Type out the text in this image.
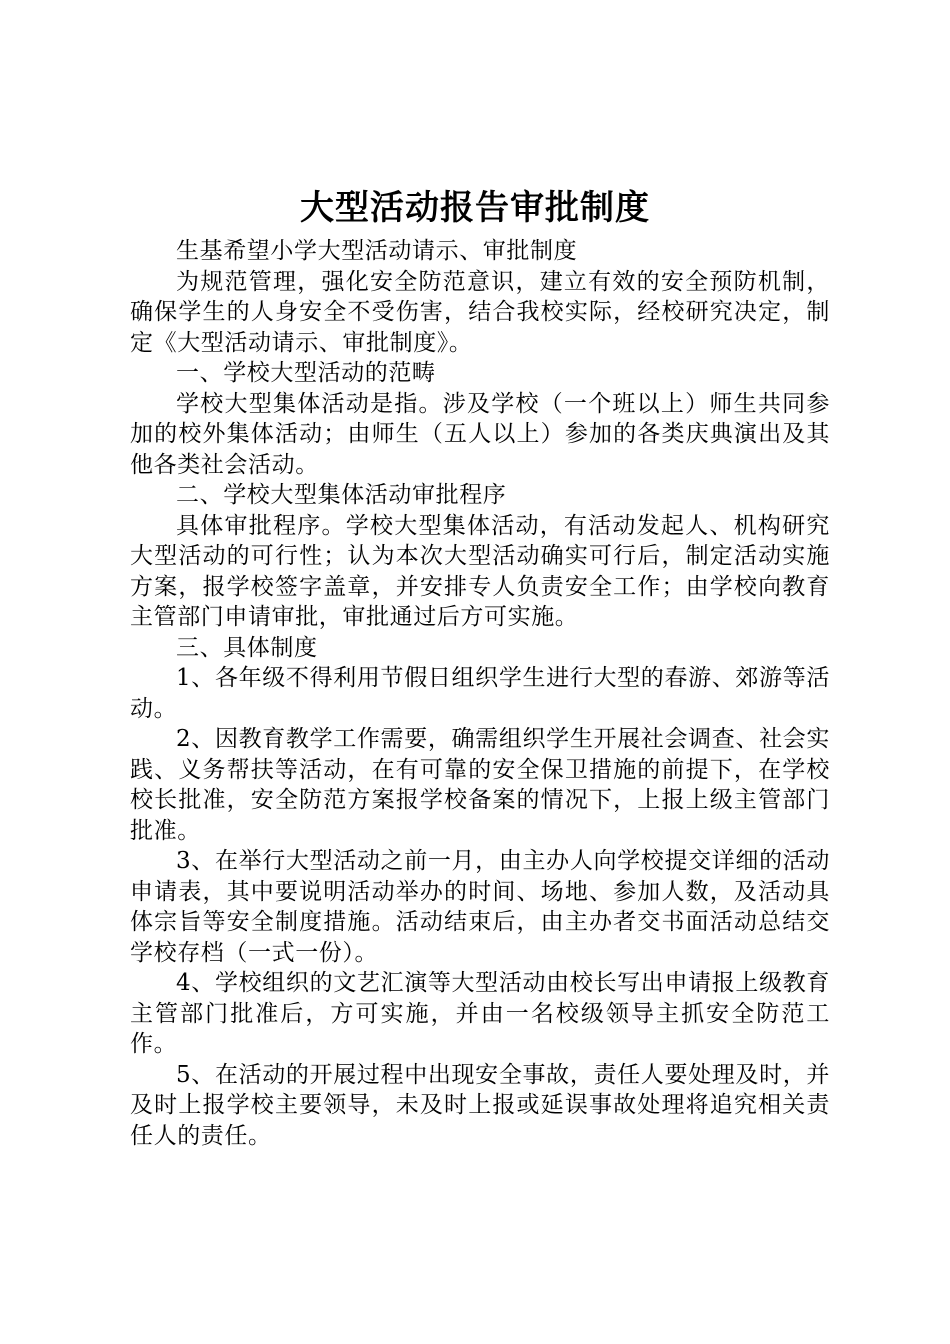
大型活动报告审批制度

生基希望小学大型活动请示、审批制度

为规范管理，强化安全防范意识，建立有效的安全预防机制，确保学生的人身安全不受伤害，结合我校实际，经校研究决定，制定《大型活动请示、审批制度》。

一、学校大型活动的范畴

学校大型集体活动是指。涉及学校（一个班以上）师生共同参加的校外集体活动；由师生（五人以上）参加的各类庆典演出及其他各类社会活动。

二、学校大型集体活动审批程序

具体审批程序。学校大型集体活动，有活动发起人、机构研究大型活动的可行性；认为本次大型活动确实可行后，制定活动实施方案，报学校签字盖章，并安排专人负责安全工作；由学校向教育主管部门申请审批，审批通过后方可实施。

三、具体制度

1、各年级不得利用节假日组织学生进行大型的春游、郊游等活动。

2、因教育教学工作需要，确需组织学生开展社会调查、社会实践、义务帮扶等活动，在有可靠的安全保卫措施的前提下，在学校校长批准，安全防范方案报学校备案的情况下，上报上级主管部门批准。

3、在举行大型活动之前一月，由主办人向学校提交详细的活动申请表，其中要说明活动举办的时间、场地、参加人数，及活动具体宗旨等安全制度措施。活动结束后，由主办者交书面活动总结交学校存档（一式一份）。

4、学校组织的文艺汇演等大型活动由校长写出申请报上级教育主管部门批准后，方可实施，并由一名校级领导主抓安全防范工作。

5、在活动的开展过程中出现安全事故，责任人要处理及时，并及时上报学校主要领导，未及时上报或延误事故处理将追究相关责任人的责任。
